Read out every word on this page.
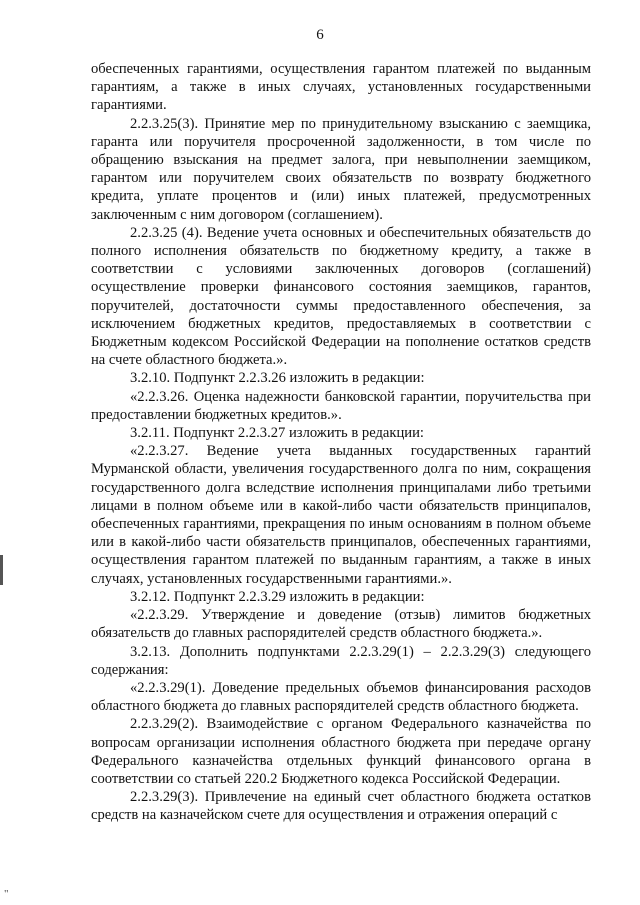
6

обеспеченных гарантиями, осуществления гарантом платежей по выданным гарантиям, а также в иных случаях, установленных государственными гарантиями.

2.2.3.25(3). Принятие мер по принудительному взысканию с заемщика, гаранта или поручителя просроченной задолженности, в том числе по обращению взыскания на предмет залога, при невыполнении заемщиком, гарантом или поручителем своих обязательств по возврату бюджетного кредита, уплате процентов и (или) иных платежей, предусмотренных заключенным с ним договором (соглашением).

2.2.3.25 (4). Ведение учета основных и обеспечительных обязательств до полного исполнения обязательств по бюджетному кредиту, а также в соответствии с условиями заключенных договоров (соглашений) осуществление проверки финансового состояния заемщиков, гарантов, поручителей, достаточности суммы предоставленного обеспечения, за исключением бюджетных кредитов, предоставляемых в соответствии с Бюджетным кодексом Российской Федерации на пополнение остатков средств на счете областного бюджета.».

3.2.10. Подпункт 2.2.3.26 изложить в редакции:

«2.2.3.26. Оценка надежности банковской гарантии, поручительства при предоставлении бюджетных кредитов.».

3.2.11. Подпункт 2.2.3.27 изложить в редакции:

«2.2.3.27. Ведение учета выданных государственных гарантий Мурманской области, увеличения государственного долга по ним, сокращения государственного долга вследствие исполнения принципалами либо третьими лицами в полном объеме или в какой-либо части обязательств принципалов, обеспеченных гарантиями, прекращения по иным основаниям в полном объеме или в какой-либо части обязательств принципалов, обеспеченных гарантиями, осуществления гарантом платежей по выданным гарантиям, а также в иных случаях, установленных государственными гарантиями.».

3.2.12. Подпункт 2.2.3.29 изложить в редакции:

«2.2.3.29. Утверждение и доведение (отзыв) лимитов бюджетных обязательств до главных распорядителей средств областного бюджета.».

3.2.13. Дополнить подпунктами 2.2.3.29(1) – 2.2.3.29(3) следующего содержания:

«2.2.3.29(1). Доведение предельных объемов финансирования расходов областного бюджета до главных распорядителей средств областного бюджета.

2.2.3.29(2). Взаимодействие с органом Федерального казначейства по вопросам организации исполнения областного бюджета при передаче органу Федерального казначейства отдельных функций финансового органа в соответствии со статьей 220.2 Бюджетного кодекса Российской Федерации.

2.2.3.29(3). Привлечение на единый счет областного бюджета остатков средств на казначейском счете для осуществления и отражения операций с

"
